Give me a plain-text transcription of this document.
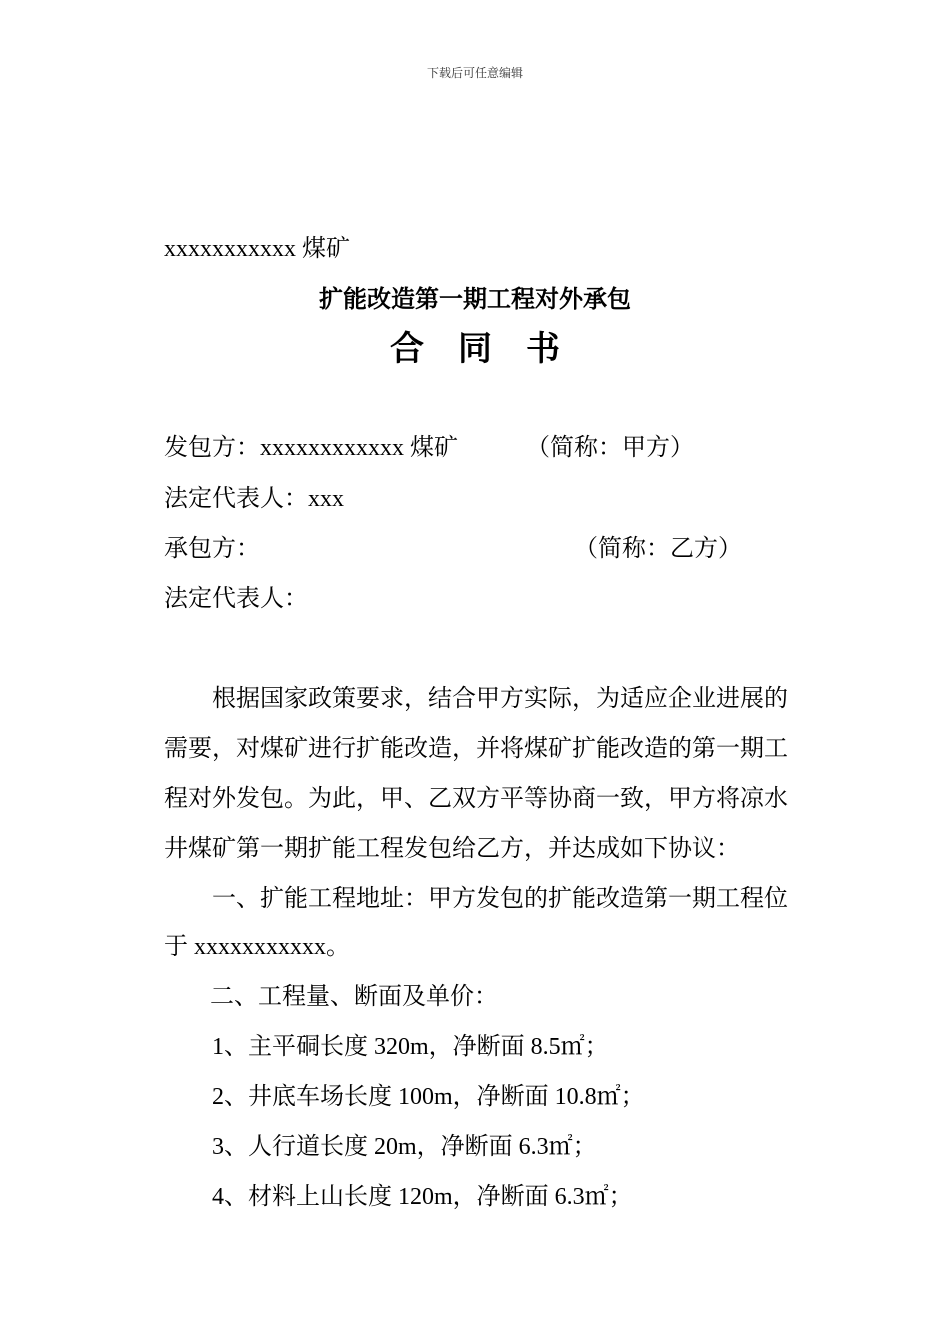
下载后可任意编辑
xxxxxxxxxxx 煤矿
扩能改造第一期工程对外承包
合同书
发包方：xxxxxxxxxxxx 煤矿	（简称：甲方）
法定代表人：xxx
承包方：	（简称：乙方）
法定代表人：
根据国家政策要求，结合甲方实际，为适应企业进展的
需要，对煤矿进行扩能改造，并将煤矿扩能改造的第一期工
程对外发包。为此，甲、乙双方平等协商一致，甲方将凉水
井煤矿第一期扩能工程发包给乙方，并达成如下协议：
一、扩能工程地址：甲方发包的扩能改造第一期工程位
于 xxxxxxxxxxx。
二、工程量、断面及单价：
1、主平硐长度 320m，净断面 8.5㎡；
2、井底车场长度 100m，净断面 10.8㎡；
3、人行道长度 20m，净断面 6.3㎡；
4、材料上山长度 120m，净断面 6.3㎡；
